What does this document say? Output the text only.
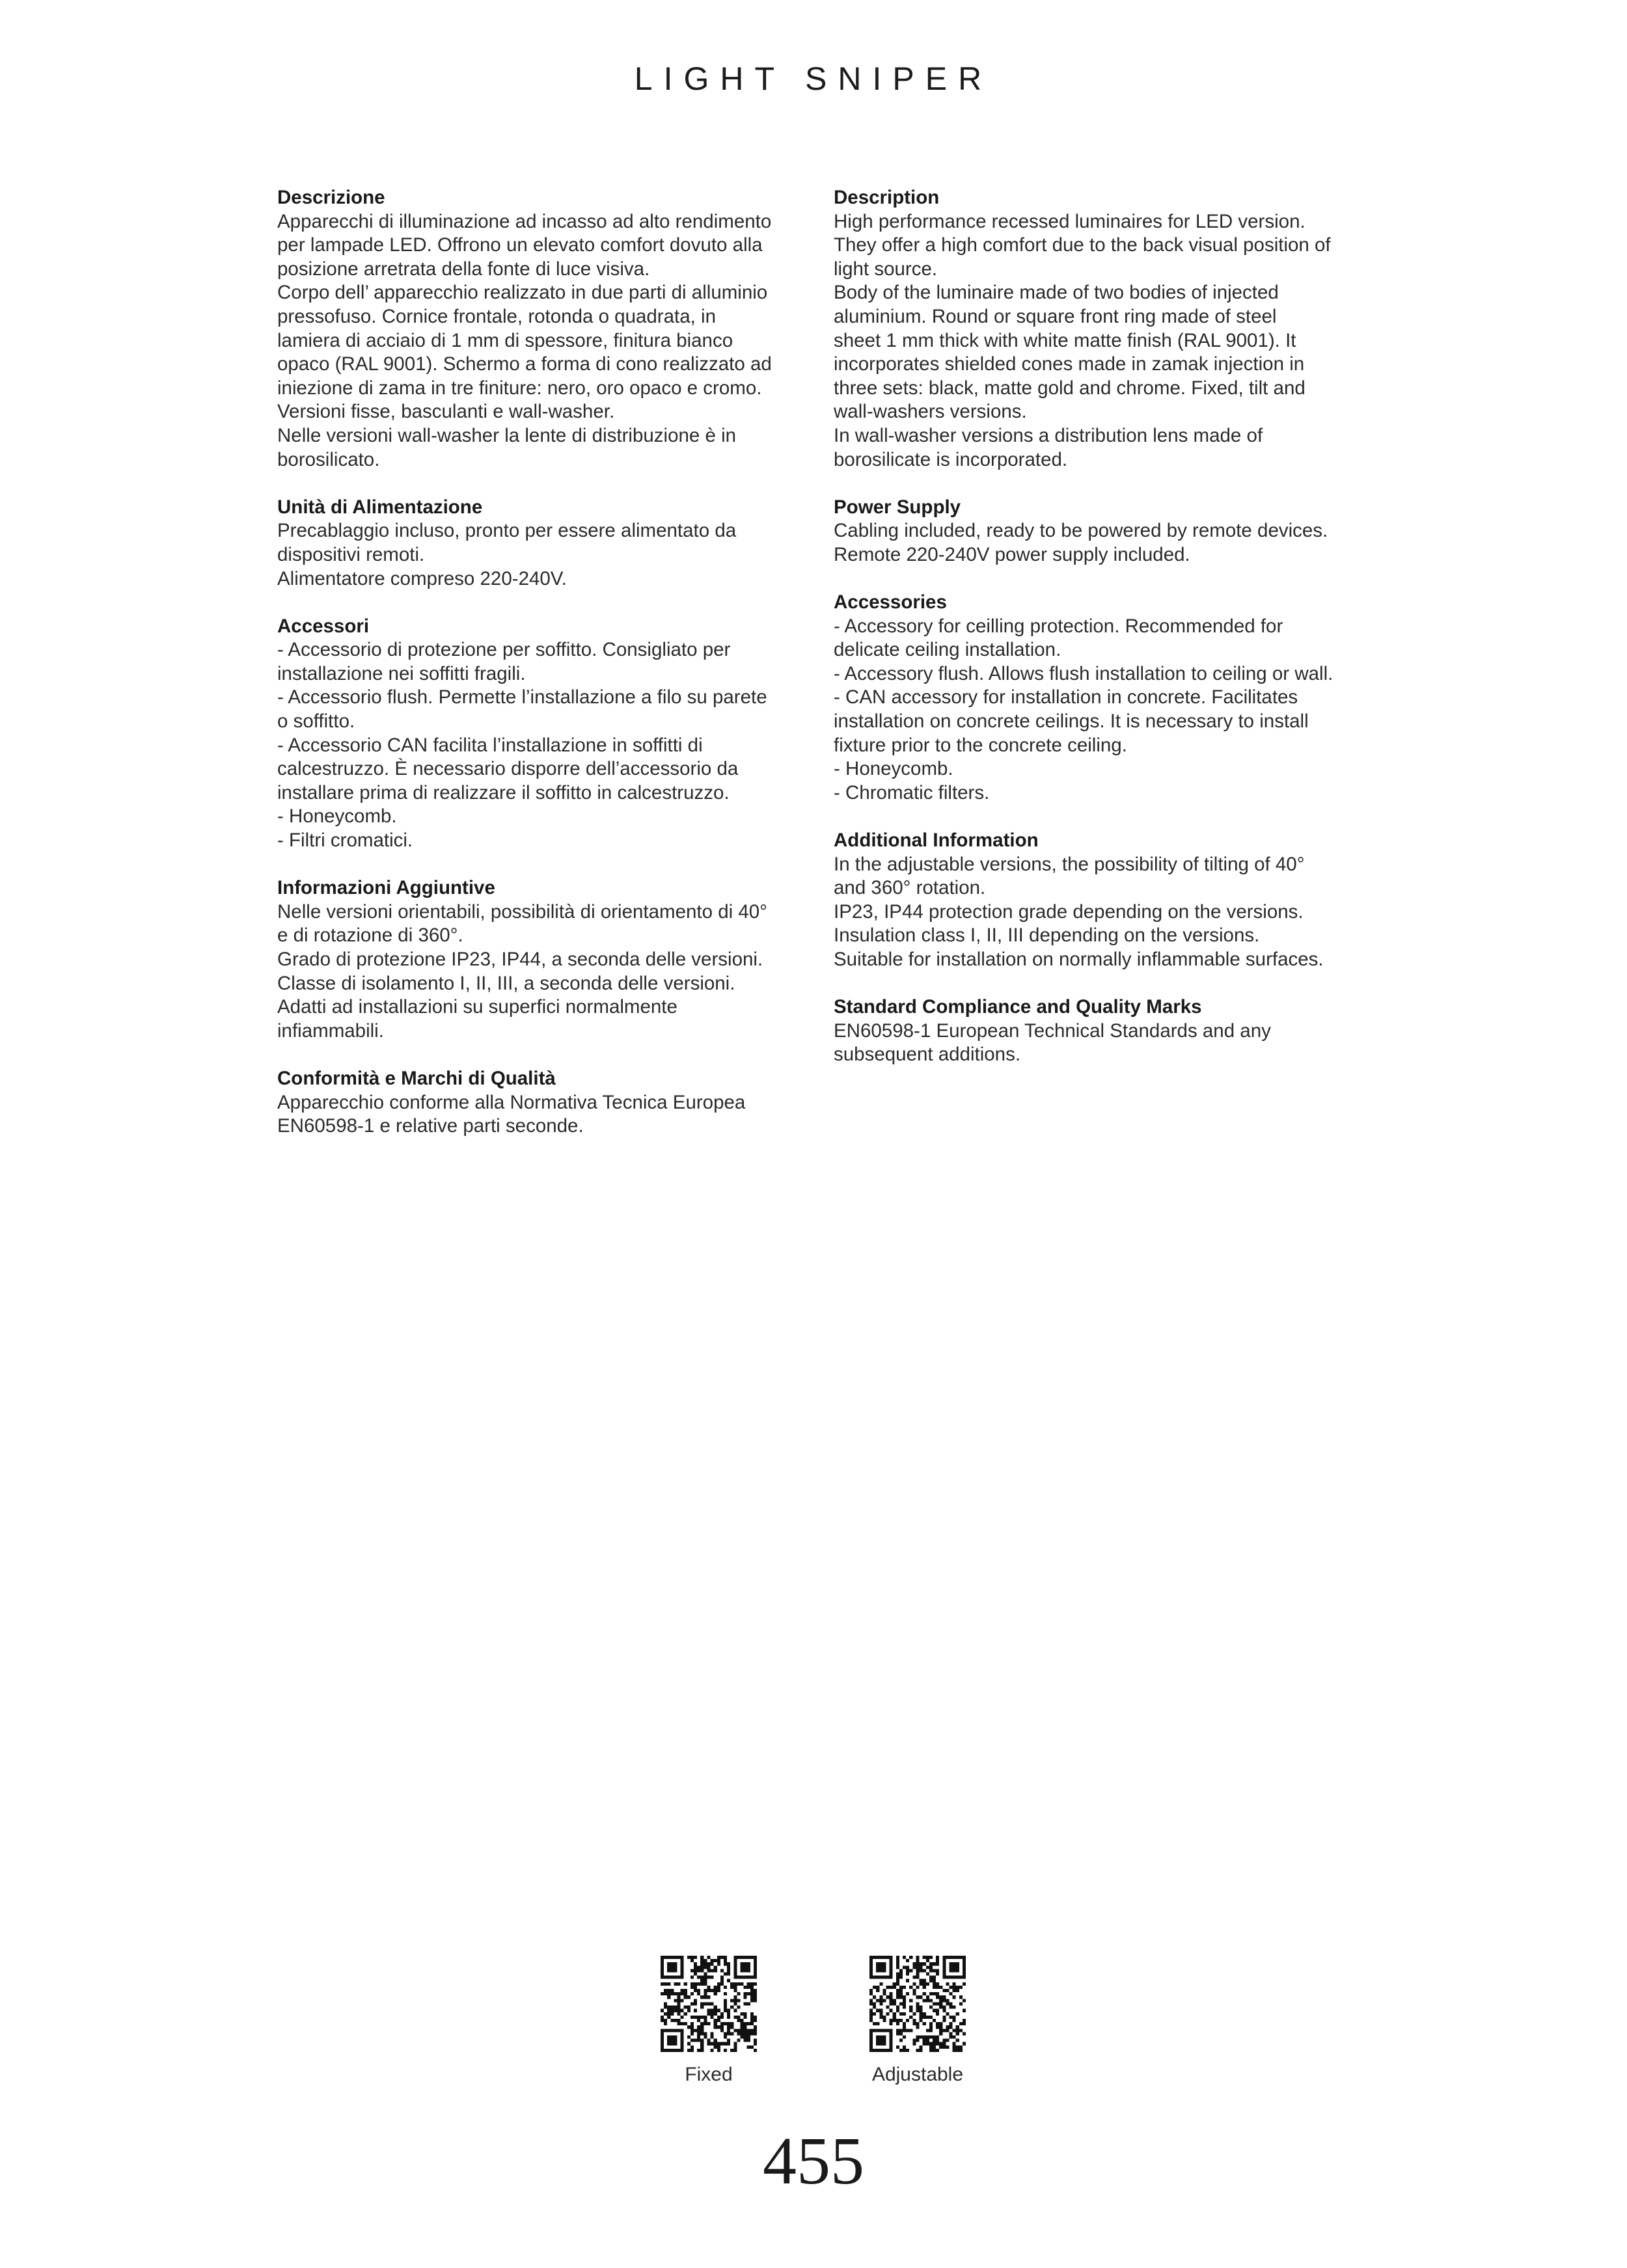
LIGHT SNIPER
Descrizione
Apparecchi di illuminazione ad incasso ad alto rendimento
per lampade LED. Offrono un elevato comfort dovuto alla
posizione arretrata della fonte di luce visiva.
Corpo dell’ apparecchio realizzato in due parti di alluminio
pressofuso. Cornice frontale, rotonda o quadrata, in
lamiera di acciaio di 1 mm di spessore, finitura bianco
opaco (RAL 9001). Schermo a forma di cono realizzato ad
iniezione di zama in tre finiture: nero, oro opaco e cromo.
Versioni fisse, basculanti e wall-washer.
Nelle versioni wall-washer la lente di distribuzione è in
borosilicato.
Unità di Alimentazione
Precablaggio incluso, pronto per essere alimentato da
dispositivi remoti.
Alimentatore compreso 220-240V.
Accessori
- Accessorio di protezione per soffitto. Consigliato per
installazione nei soffitti fragili.
- Accessorio flush. Permette l’installazione a filo su parete
o soffitto.
- Accessorio CAN facilita l’installazione in soffitti di
calcestruzzo. È necessario disporre dell’accessorio da
installare prima di realizzare il soffitto in calcestruzzo.
- Honeycomb.
- Filtri cromatici.
Informazioni Aggiuntive
Nelle versioni orientabili, possibilità di orientamento di 40°
e di rotazione di 360°.
Grado di protezione IP23, IP44, a seconda delle versioni.
Classe di isolamento I, II, III, a seconda delle versioni.
Adatti ad installazioni su superfici normalmente
infiammabili.
Conformità e Marchi di Qualità
Apparecchio conforme alla Normativa Tecnica Europea
EN60598-1 e relative parti seconde.
Description
High performance recessed luminaires for LED version.
They offer a high comfort due to the back visual position of
light source.
Body of the luminaire made of two bodies of injected
aluminium. Round or square front ring made of steel
sheet 1 mm thick with white matte finish (RAL 9001). It
incorporates shielded cones made in zamak injection in
three sets: black, matte gold and chrome. Fixed, tilt and
wall-washers versions.
In wall-washer versions a distribution lens made of
borosilicate is incorporated.
Power Supply
Cabling included, ready to be powered by remote devices.
Remote 220-240V power supply included.
Accessories
- Accessory for ceilling protection. Recommended for
delicate ceiling installation.
- Accessory flush. Allows flush installation to ceiling or wall.
- CAN accessory for installation in concrete. Facilitates
installation on concrete ceilings. It is necessary to install
fixture prior to the concrete ceiling.
- Honeycomb.
- Chromatic filters.
Additional Information
In the adjustable versions, the possibility of tilting of 40°
and 360° rotation.
IP23, IP44 protection grade depending on the versions.
Insulation class I, II, III depending on the versions.
Suitable for installation on normally inflammable surfaces.
Standard Compliance and Quality Marks
EN60598-1 European Technical Standards and any
subsequent additions.
Fixed	Adjustable
455
